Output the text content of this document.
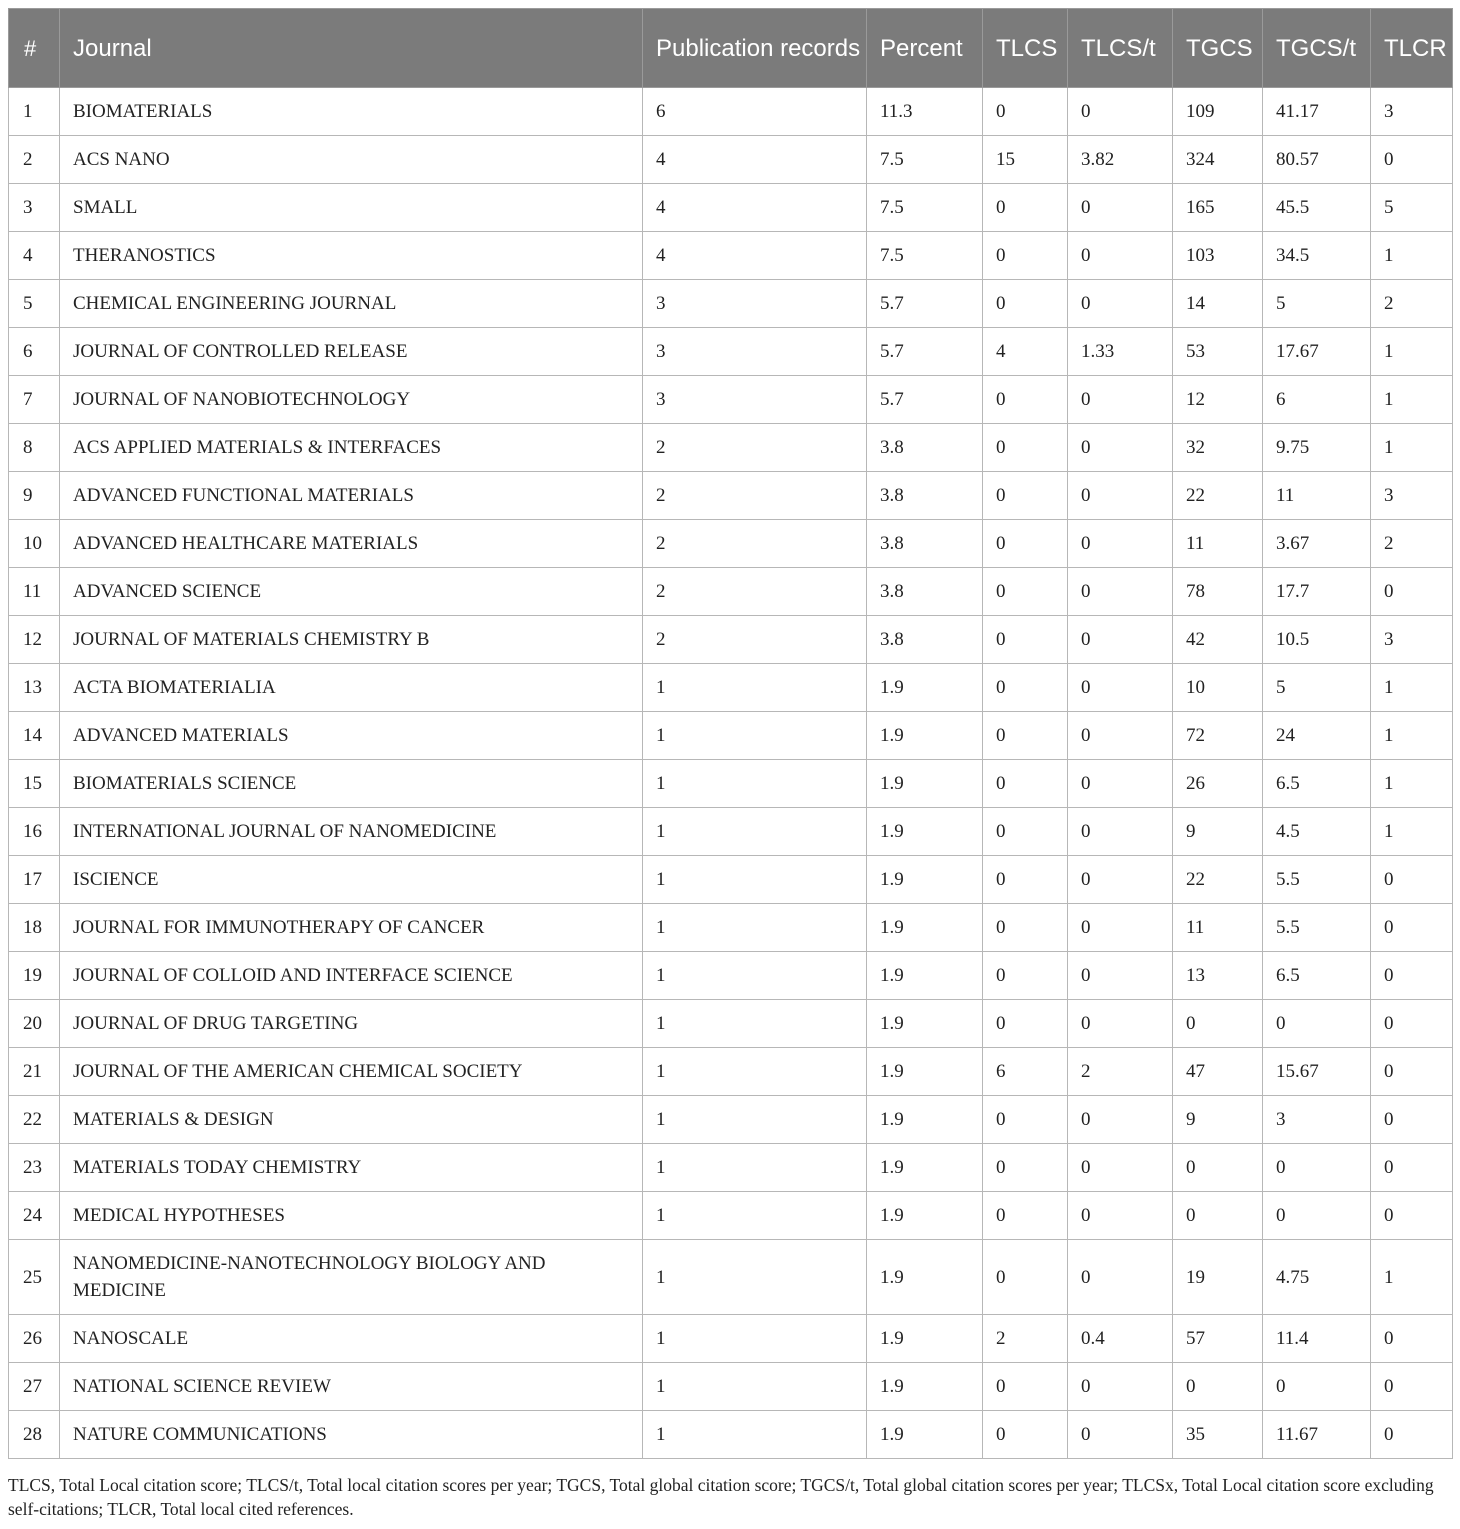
#	Journal	Publication records	Percent	TLCS	TLCS/t	TGCS	TGCS/t	TLCR
1	BIOMATERIALS	6	11.3	0	0	109	41.17	3
2	ACS NANO	4	7.5	15	3.82	324	80.57	0
3	SMALL	4	7.5	0	0	165	45.5	5
4	THERANOSTICS	4	7.5	0	0	103	34.5	1
5	CHEMICAL ENGINEERING JOURNAL	3	5.7	0	0	14	5	2
6	JOURNAL OF CONTROLLED RELEASE	3	5.7	4	1.33	53	17.67	1
7	JOURNAL OF NANOBIOTECHNOLOGY	3	5.7	0	0	12	6	1
8	ACS APPLIED MATERIALS & INTERFACES	2	3.8	0	0	32	9.75	1
9	ADVANCED FUNCTIONAL MATERIALS	2	3.8	0	0	22	11	3
10	ADVANCED HEALTHCARE MATERIALS	2	3.8	0	0	11	3.67	2
11	ADVANCED SCIENCE	2	3.8	0	0	78	17.7	0
12	JOURNAL OF MATERIALS CHEMISTRY B	2	3.8	0	0	42	10.5	3
13	ACTA BIOMATERIALIA	1	1.9	0	0	10	5	1
14	ADVANCED MATERIALS	1	1.9	0	0	72	24	1
15	BIOMATERIALS SCIENCE	1	1.9	0	0	26	6.5	1
16	INTERNATIONAL JOURNAL OF NANOMEDICINE	1	1.9	0	0	9	4.5	1
17	ISCIENCE	1	1.9	0	0	22	5.5	0
18	JOURNAL FOR IMMUNOTHERAPY OF CANCER	1	1.9	0	0	11	5.5	0
19	JOURNAL OF COLLOID AND INTERFACE SCIENCE	1	1.9	0	0	13	6.5	0
20	JOURNAL OF DRUG TARGETING	1	1.9	0	0	0	0	0
21	JOURNAL OF THE AMERICAN CHEMICAL SOCIETY	1	1.9	6	2	47	15.67	0
22	MATERIALS & DESIGN	1	1.9	0	0	9	3	0
23	MATERIALS TODAY CHEMISTRY	1	1.9	0	0	0	0	0
24	MEDICAL HYPOTHESES	1	1.9	0	0	0	0	0
25	NANOMEDICINE-NANOTECHNOLOGY BIOLOGY AND MEDICINE	1	1.9	0	0	19	4.75	1
26	NANOSCALE	1	1.9	2	0.4	57	11.4	0
27	NATIONAL SCIENCE REVIEW	1	1.9	0	0	0	0	0
28	NATURE COMMUNICATIONS	1	1.9	0	0	35	11.67	0
TLCS, Total Local citation score; TLCS/t, Total local citation scores per year; TGCS, Total global citation score; TGCS/t, Total global citation scores per year; TLCSx, Total Local citation score excluding self-citations; TLCR, Total local cited references.
